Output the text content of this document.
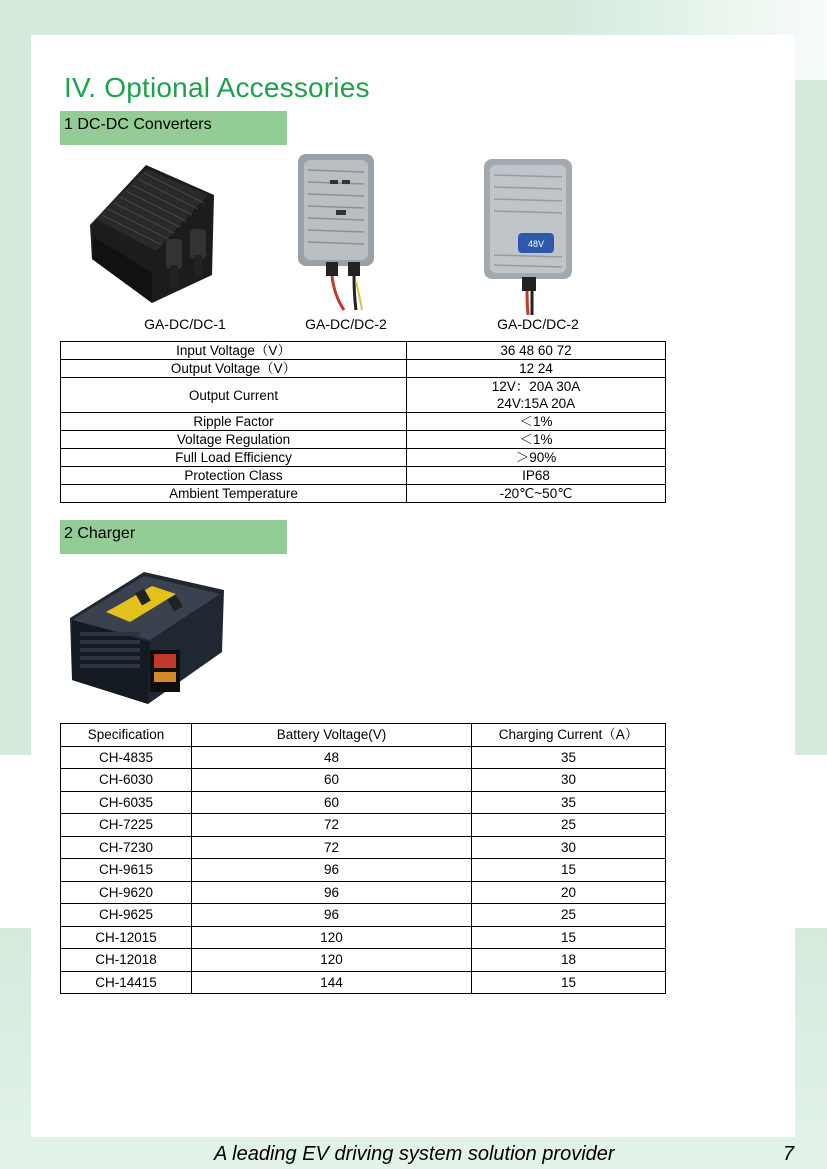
IV. Optional Accessories
1 DC-DC Converters
48V
GA-DC/DC-1	GA-DC/DC-2	GA-DC/DC-2
Input Voltage（V）	36 48 60 72
Output Voltage（V）	12 24
Output Current	12V：20A 30A
24V:15A 20A

Ripple Factor	＜1%
Voltage Regulation	＜1%
Full Load Efficiency	＞90%
Protection Class	IP68
Ambient Temperature	-20℃~50℃
2 Charger
Specification	Battery Voltage(V)	Charging Current（A）
CH-4835	48	35
CH-6030	60	30
CH-6035	60	35
CH-7225	72	25
CH-7230	72	30
CH-9615	96	15
CH-9620	96	20
CH-9625	96	25
CH-12015	120	15
CH-12018	120	18
CH-14415	144	15
A leading EV driving system solution provider	7
